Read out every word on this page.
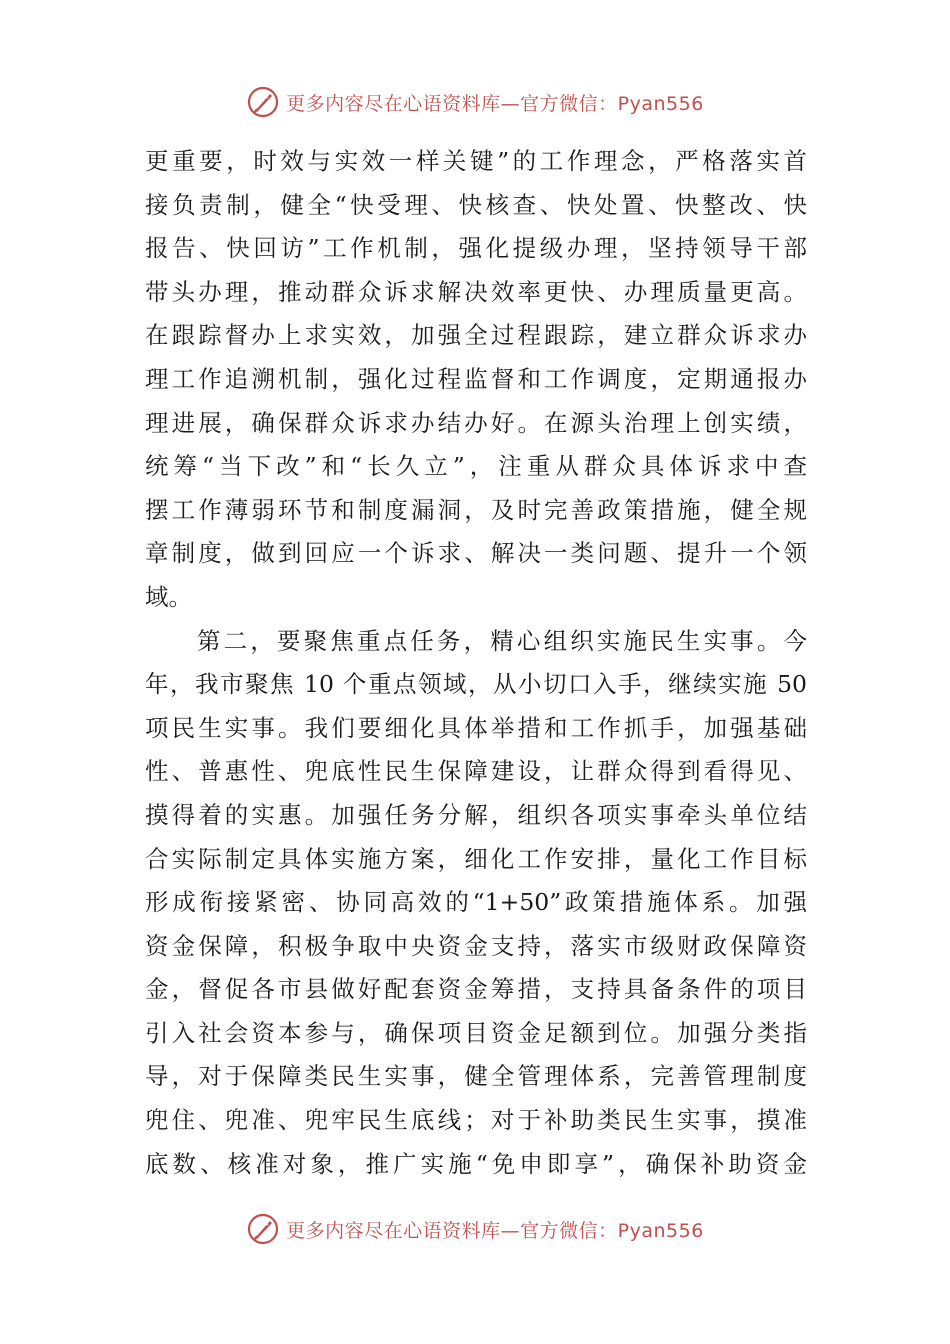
更多内容尽在心语资料库—官方微信：Pyan556
更重要，时效与实效一样关键”的工作理念，严格落实首
接负责制，健全“快受理、快核查、快处置、快整改、快
报告、快回访”工作机制，强化提级办理，坚持领导干部
带头办理，推动群众诉求解决效率更快、办理质量更高。
在跟踪督办上求实效，加强全过程跟踪，建立群众诉求办
理工作追溯机制，强化过程监督和工作调度，定期通报办
理进展，确保群众诉求办结办好。在源头治理上创实绩，
统筹“当下改”和“长久立”，注重从群众具体诉求中查
摆工作薄弱环节和制度漏洞，及时完善政策措施，健全规
章制度，做到回应一个诉求、解决一类问题、提升一个领
域。
第二，要聚焦重点任务，精心组织实施民生实事。今
年，我市聚焦 10 个重点领域，从小切口入手，继续实施 50
项民生实事。我们要细化具体举措和工作抓手，加强基础
性、普惠性、兜底性民生保障建设，让群众得到看得见、
摸得着的实惠。加强任务分解，组织各项实事牵头单位结
合实际制定具体实施方案，细化工作安排，量化工作目标
形成衔接紧密、协同高效的“1+50”政策措施体系。加强
资金保障，积极争取中央资金支持，落实市级财政保障资
金，督促各市县做好配套资金筹措，支持具备条件的项目
引入社会资本参与，确保项目资金足额到位。加强分类指
导，对于保障类民生实事，健全管理体系，完善管理制度
兜住、兜准、兜牢民生底线；对于补助类民生实事，摸准
底数、核准对象，推广实施“免申即享”，确保补助资金
更多内容尽在心语资料库—官方微信：Pyan556
